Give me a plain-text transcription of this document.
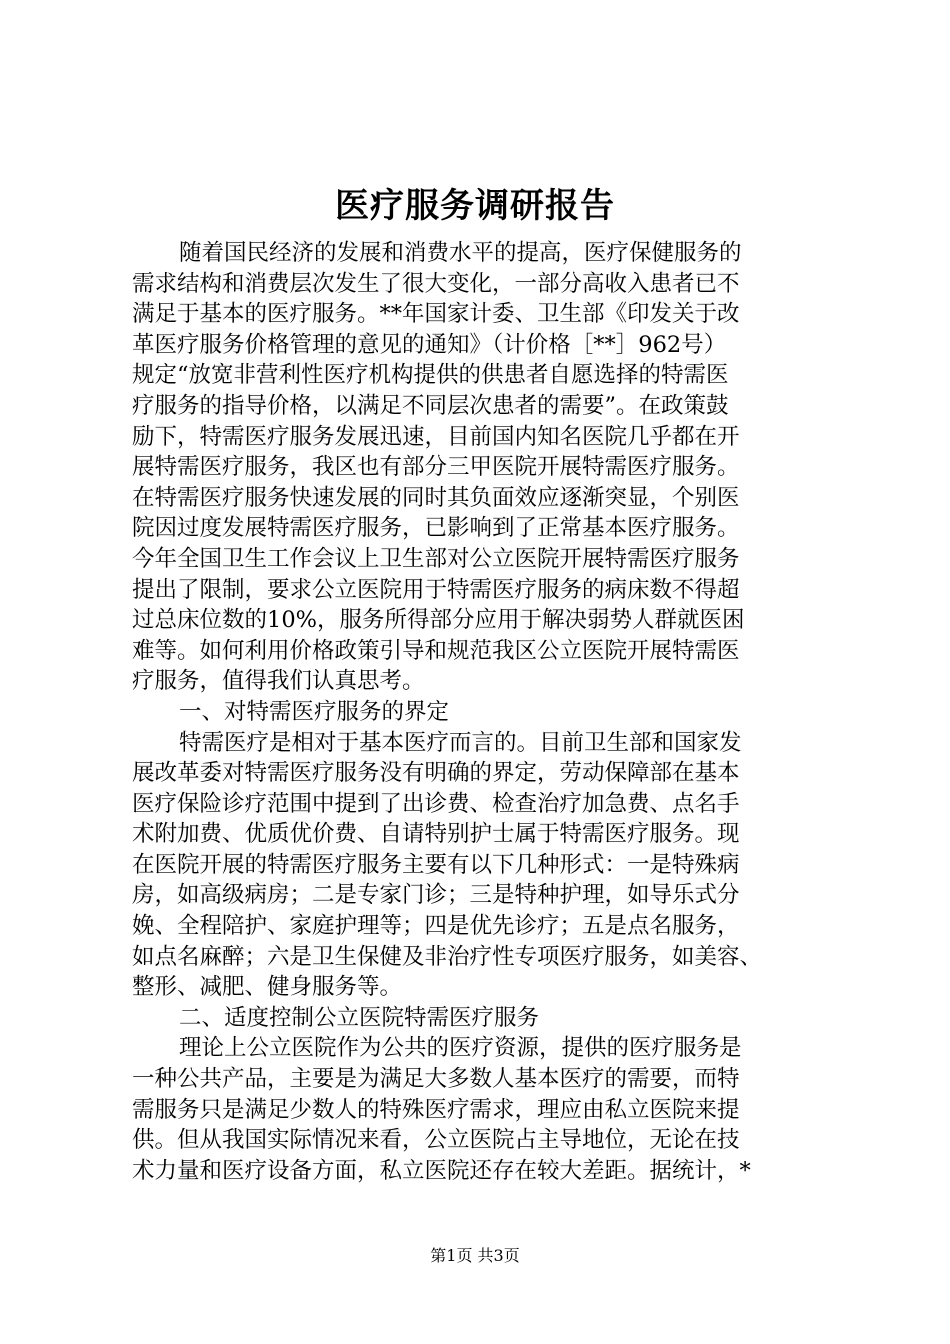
医疗服务调研报告
随着国民经济的发展和消费水平的提高，医疗保健服务的
需求结构和消费层次发生了很大变化，一部分高收入患者已不
满足于基本的医疗服务。**年国家计委、卫生部《印发关于改
革医疗服务价格管理的意见的通知》（计价格［**］962号）
规定“放宽非营利性医疗机构提供的供患者自愿选择的特需医
疗服务的指导价格，以满足不同层次患者的需要”。在政策鼓
励下，特需医疗服务发展迅速，目前国内知名医院几乎都在开
展特需医疗服务，我区也有部分三甲医院开展特需医疗服务。
在特需医疗服务快速发展的同时其负面效应逐渐突显，个别医
院因过度发展特需医疗服务，已影响到了正常基本医疗服务。
今年全国卫生工作会议上卫生部对公立医院开展特需医疗服务
提出了限制，要求公立医院用于特需医疗服务的病床数不得超
过总床位数的10%，服务所得部分应用于解决弱势人群就医困
难等。如何利用价格政策引导和规范我区公立医院开展特需医
疗服务，值得我们认真思考。
一、对特需医疗服务的界定
特需医疗是相对于基本医疗而言的。目前卫生部和国家发
展改革委对特需医疗服务没有明确的界定，劳动保障部在基本
医疗保险诊疗范围中提到了出诊费、检查治疗加急费、点名手
术附加费、优质优价费、自请特别护士属于特需医疗服务。现
在医院开展的特需医疗服务主要有以下几种形式：一是特殊病
房，如高级病房；二是专家门诊；三是特种护理，如导乐式分
娩、全程陪护、家庭护理等；四是优先诊疗；五是点名服务，
如点名麻醉；六是卫生保健及非治疗性专项医疗服务，如美容、
整形、减肥、健身服务等。
二、适度控制公立医院特需医疗服务
理论上公立医院作为公共的医疗资源，提供的医疗服务是
一种公共产品，主要是为满足大多数人基本医疗的需要，而特
需服务只是满足少数人的特殊医疗需求，理应由私立医院来提
供。但从我国实际情况来看，公立医院占主导地位，无论在技
术力量和医疗设备方面，私立医院还存在较大差距。据统计，*
第1页 共3页
